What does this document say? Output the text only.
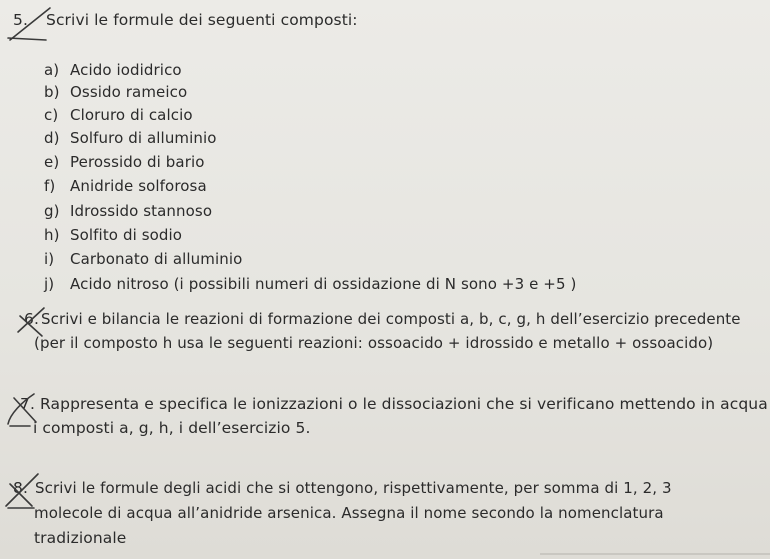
5. Scrivi le formule dei seguenti composti:
a) Acido iodidrico
b) Ossido rameico
c) Cloruro di calcio
d) Solfuro di alluminio
e) Perossido di bario
f) Anidride solforosa
g) Idrossido stannoso
h) Solfito di sodio
i) Carbonato di alluminio
j) Acido nitroso (i possibili numeri di ossidazione di N sono +3 e +5 )
6. Scrivi e bilancia le reazioni di formazione dei composti a, b, c, g, h dell’esercizio precedente
(per il composto h usa le seguenti reazioni: ossoacido + idrossido e metallo + ossoacido)
7. Rappresenta e specifica le ionizzazioni o le dissociazioni che si verificano mettendo in acqua
i composti a, g, h, i dell’esercizio 5.
8. Scrivi le formule degli acidi che si ottengono, rispettivamente, per somma di 1, 2, 3
molecole di acqua all’anidride arsenica. Assegna il nome secondo la nomenclatura
tradizionale
